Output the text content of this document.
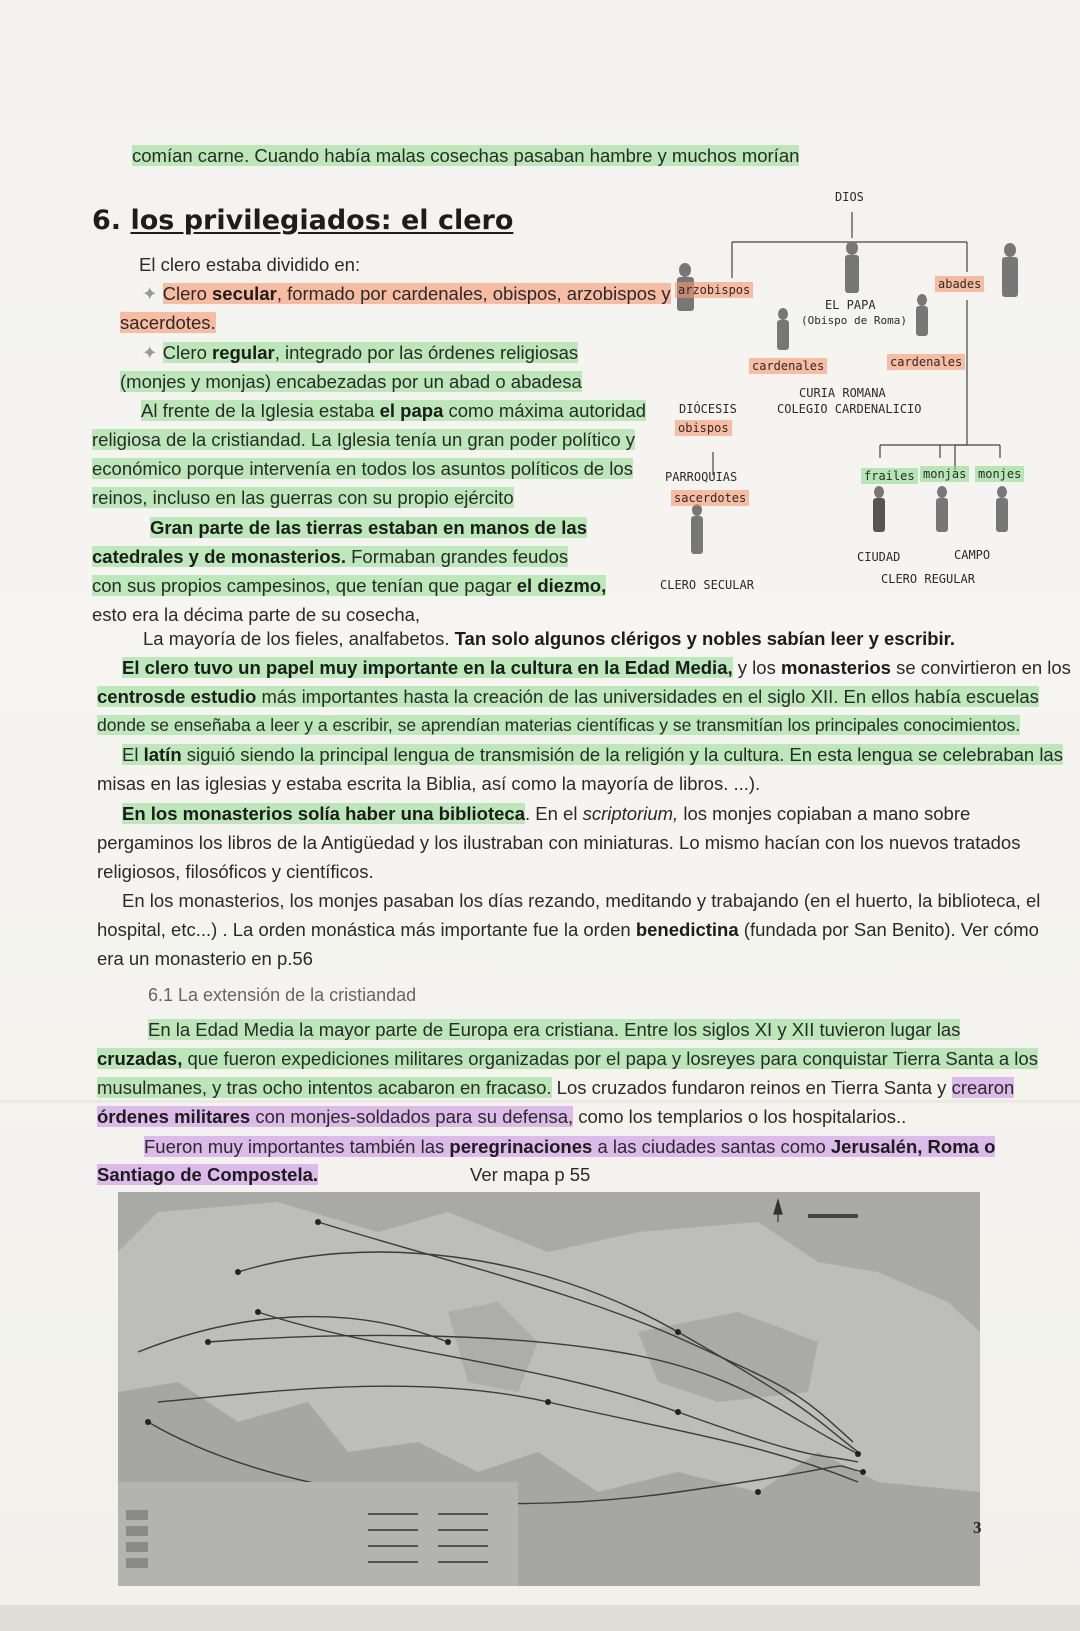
comían carne. Cuando había malas cosechas pasaban hambre y muchos morían
6. los privilegiados: el clero
El clero estaba dividido en:
✦ Clero secular, formado por cardenales, obispos, arzobispos y
sacerdotes.
✦ Clero regular, integrado por las órdenes religiosas
(monjes y monjas) encabezadas por un abad o abadesa
Al frente de la Iglesia estaba el papa como máxima autoridad
religiosa de la cristiandad. La Iglesia tenía un gran poder político y
económico porque intervenía en todos los asuntos políticos de los
reinos, incluso en las guerras con su propio ejército
Gran parte de las tierras estaban en manos de las
catedrales y de monasterios. Formaban grandes feudos
con sus propios campesinos, que tenían que pagar el diezmo,
esto era la décima parte de su cosecha,
DIOS
arzobispos	abades
EL PAPA
(Obispo de Roma)
cardenales	cardenales
CURIA ROMANA
COLEGIO CARDENALICIO
DIÓCESIS
obispos
PARROQUIAS
sacerdotes
frailes monjas monjes
CIUDAD	CAMPO
CLERO SECULAR	CLERO REGULAR
La mayoría de los fieles, analfabetos. Tan solo algunos clérigos y nobles sabían leer y escribir.
El clero tuvo un papel muy importante en la cultura en la Edad Media, y los monasterios se convirtieron en los
centrosde estudio más importantes hasta la creación de las universidades en el siglo XII. En ellos había escuelas
donde se enseñaba a leer y a escribir, se aprendían materias científicas y se transmitían los principales conocimientos.
El latín siguió siendo la principal lengua de transmisión de la religión y la cultura. En esta lengua se celebraban las
misas en las iglesias y estaba escrita la Biblia, así como la mayoría de libros. ...).
En los monasterios solía haber una biblioteca. En el scriptorium, los monjes copiaban a mano sobre
pergaminos los libros de la Antigüedad y los ilustraban con miniaturas. Lo mismo hacían con los nuevos tratados
religiosos, filosóficos y científicos.
En los monasterios, los monjes pasaban los días rezando, meditando y trabajando (en el huerto, la biblioteca, el
hospital, etc...) . La orden monástica más importante fue la orden benedictina (fundada por San Benito). Ver cómo
era un monasterio en p.56
6.1 La extensión de la cristiandad
En la Edad Media la mayor parte de Europa era cristiana. Entre los siglos XI y XII tuvieron lugar las
cruzadas, que fueron expediciones militares organizadas por el papa y losreyes para conquistar Tierra Santa a los
musulmanes, y tras ocho intentos acabaron en fracaso. Los cruzados fundaron reinos en Tierra Santa y crearon
órdenes militares con monjes-soldados para su defensa, como los templarios o los hospitalarios..
Fueron muy importantes también las peregrinaciones a las ciudades santas como Jerusalén, Roma o
Santiago de Compostela.	Ver mapa p 55
3
